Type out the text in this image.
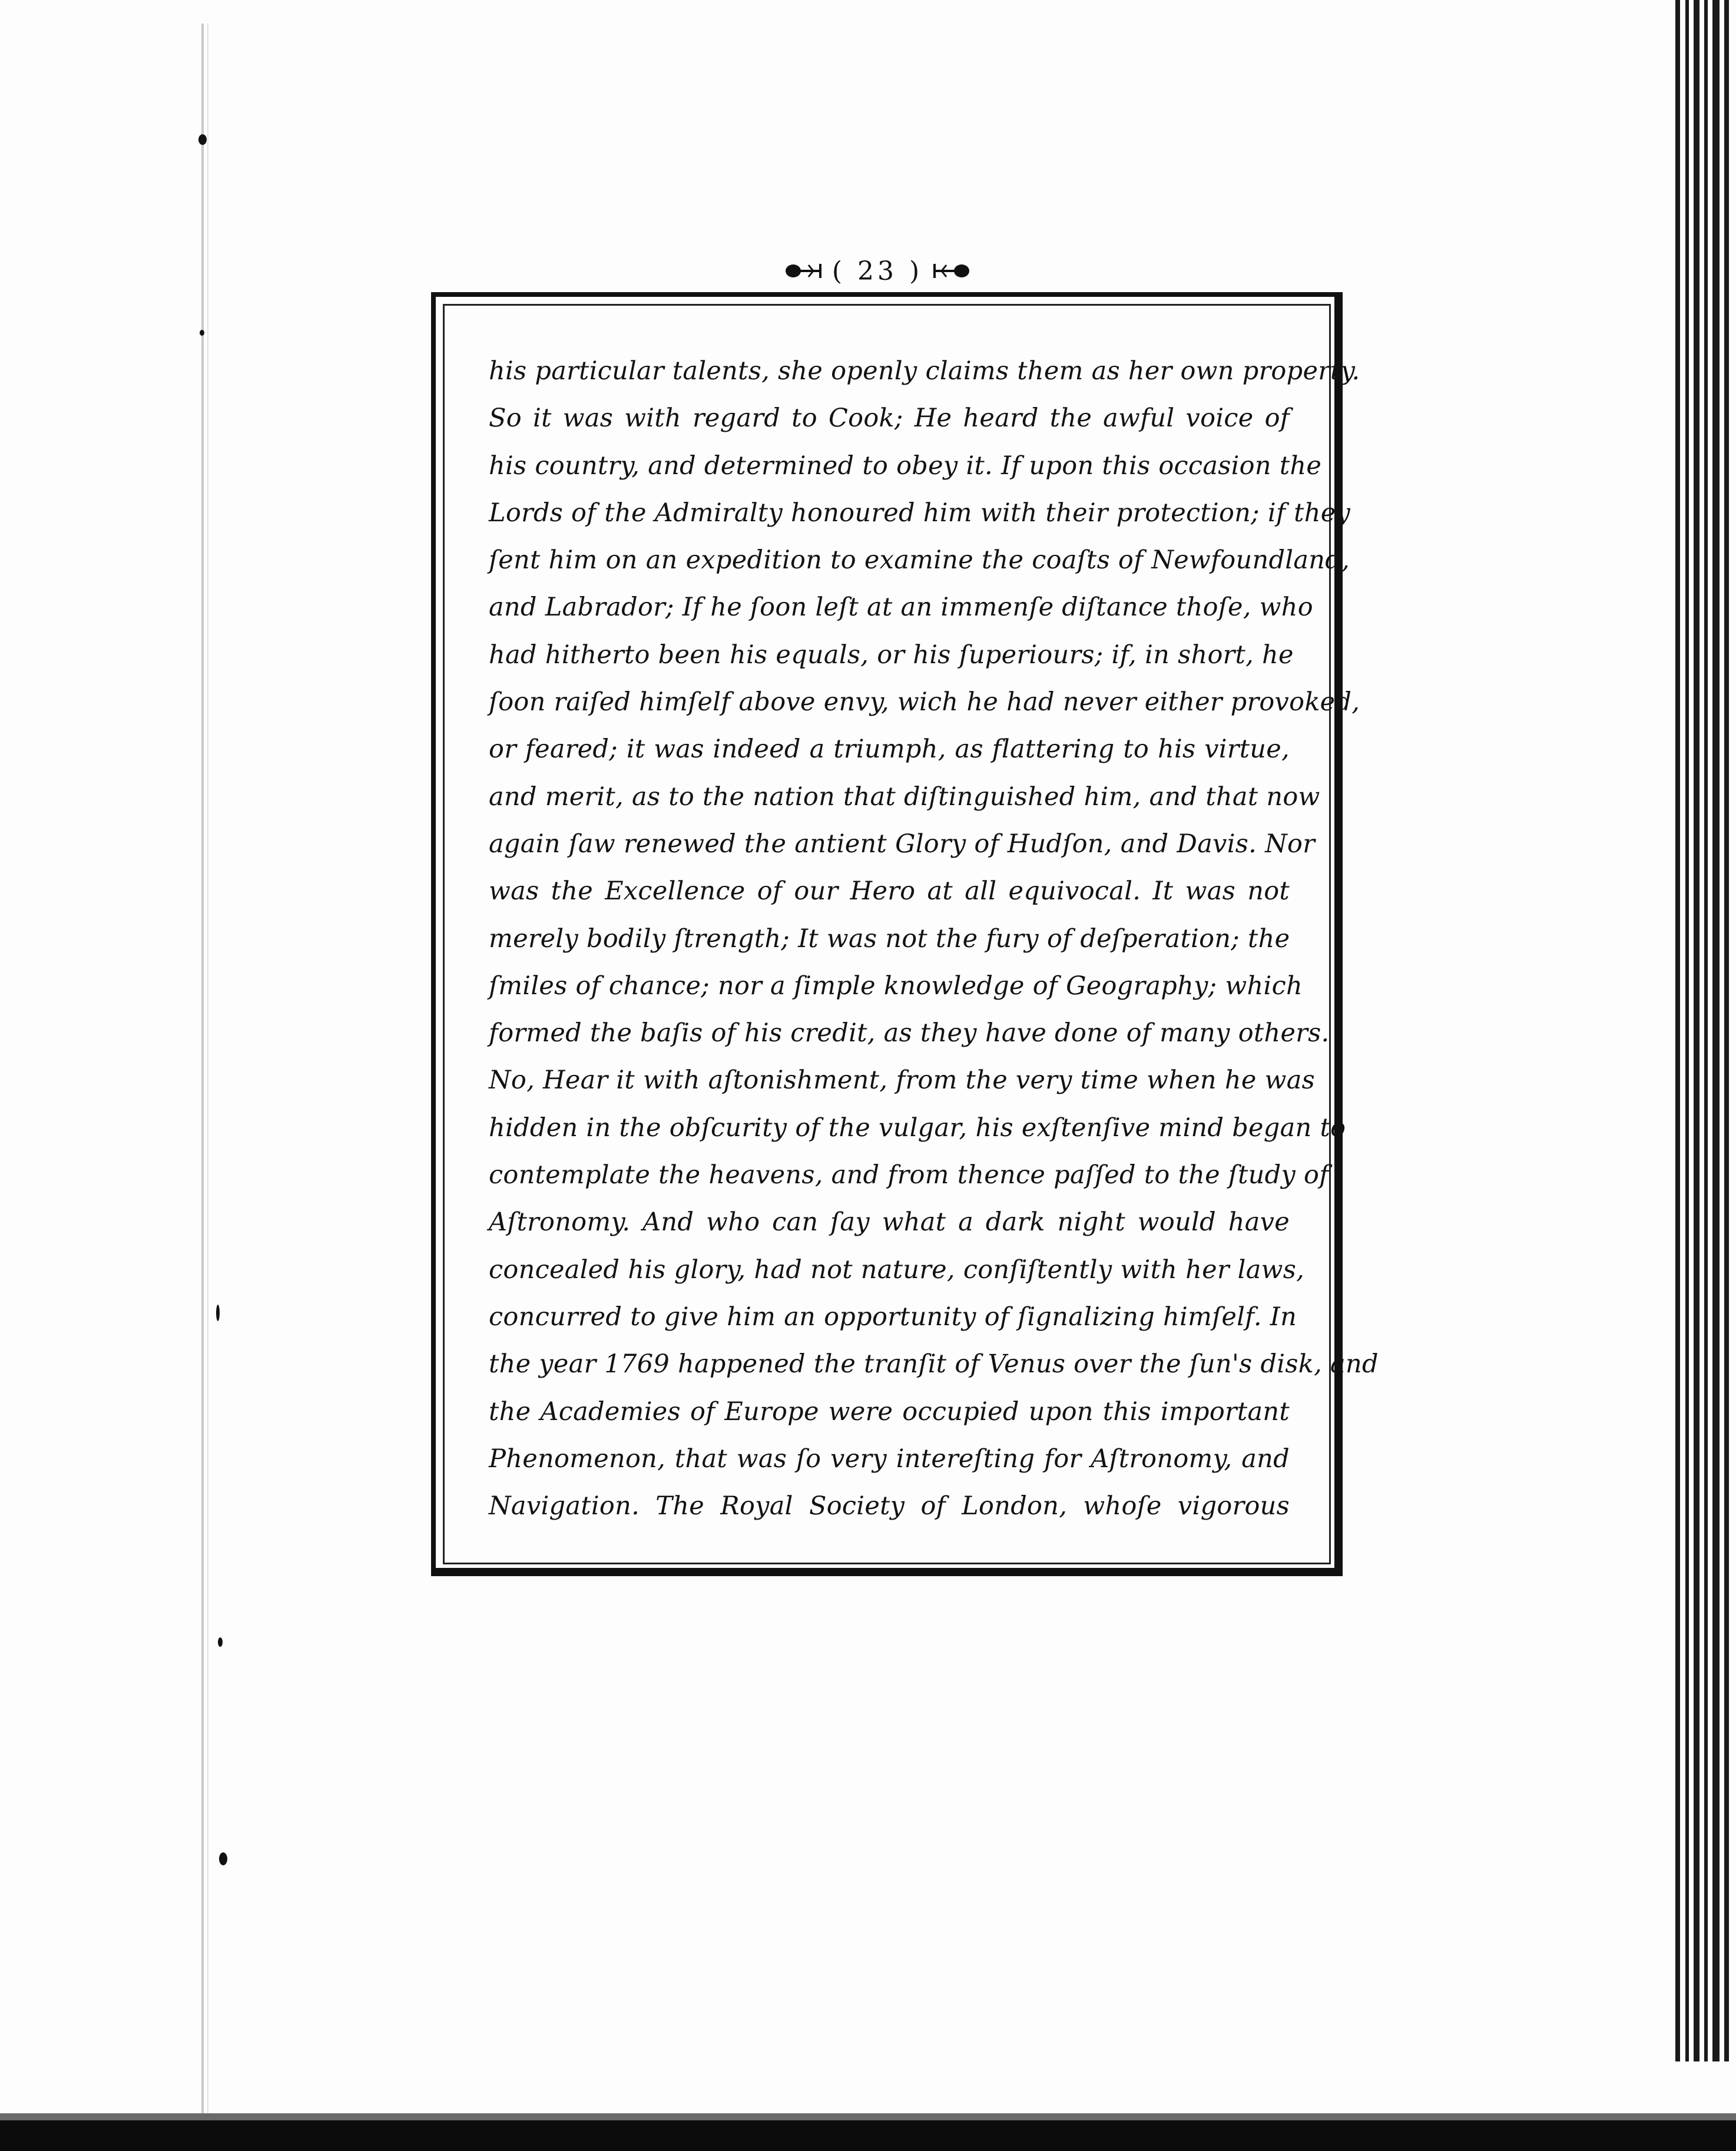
( 23 )
his particular talents, she openly claims them as her own property.
So it was with regard to Cook; He heard the awful voice of
his country, and determined to obey it. If upon this occasion the
Lords of the Admiralty honoured him with their protection; if they
ſent him on an expedition to examine the coaſts of Newfoundland,
and Labrador; If he ſoon leſt at an immenſe diſtance thoſe, who
had hitherto been his equals, or his ſuperiours; if, in short, he
ſoon raiſed himſelf above envy, wich he had never either provoked,
or feared; it was indeed a triumph, as flattering to his virtue,
and merit, as to the nation that diſtinguished him, and that now
again ſaw renewed the antient Glory of Hudſon, and Davis. Nor
was the Excellence of our Hero at all equivocal. It was not
merely bodily ſtrength; It was not the fury of deſperation; the
ſmiles of chance; nor a ſimple knowledge of Geography; which
formed the baſis of his credit, as they have done of many others.
No, Hear it with aſtonishment, from the very time when he was
hidden in the obſcurity of the vulgar, his exſtenſive mind began to
contemplate the heavens, and from thence paſſed to the ſtudy of
Aſtronomy. And who can ſay what a dark night would have
concealed his glory, had not nature, conſiſtently with her laws,
concurred to give him an opportunity of ſignalizing himſelf. In
the year 1769 happened the tranſit of Venus over the ſun's disk, and
the Academies of Europe were occupied upon this important
Phenomenon, that was ſo very intereſting for Aſtronomy, and
Navigation. The Royal Society of London, whoſe vigorous
